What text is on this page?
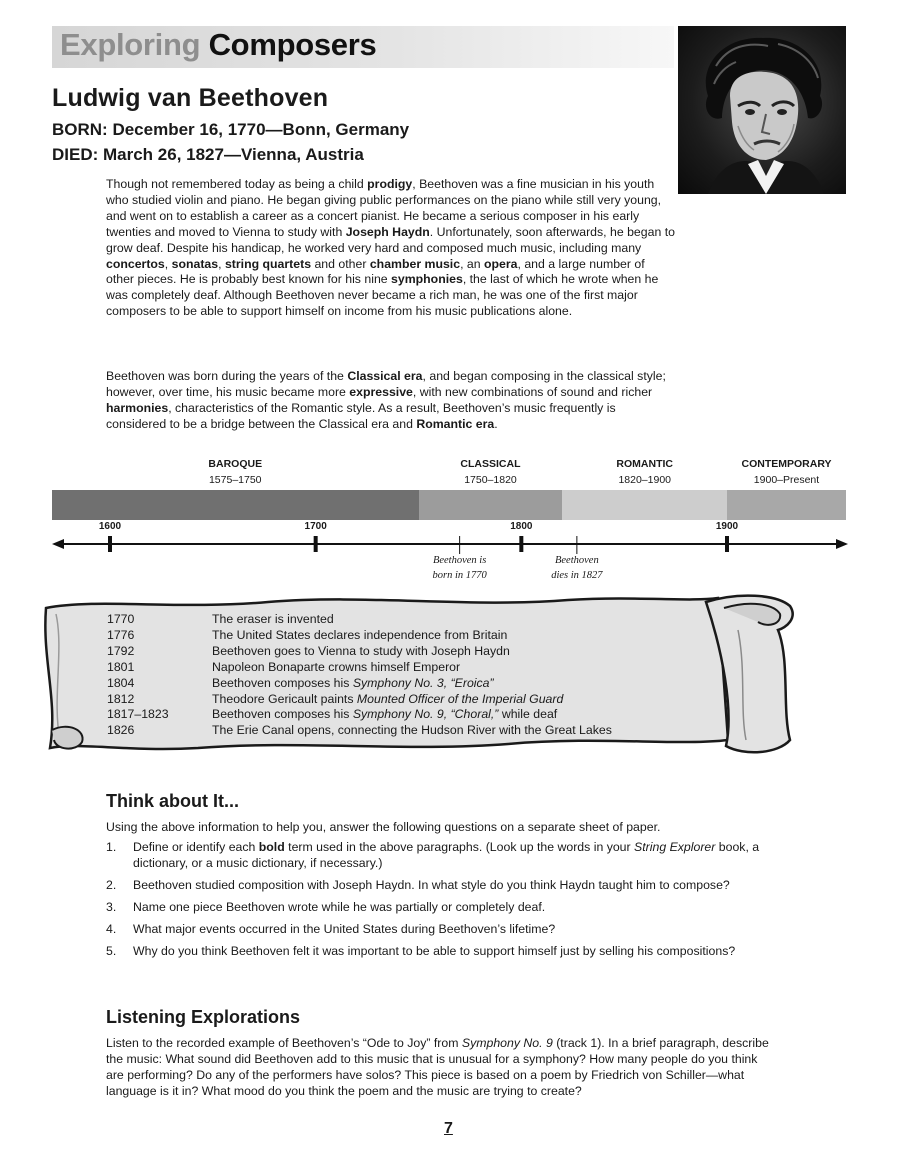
Exploring Composers
Ludwig van Beethoven
BORN: December 16, 1770—Bonn, Germany
DIED: March 26, 1827—Vienna, Austria
Though not remembered today as being a child prodigy, Beethoven was a fine musician in his youth who studied violin and piano. He began giving public performances on the piano while still very young, and went on to establish a career as a concert pianist. He became a serious composer in his early twenties and moved to Vienna to study with Joseph Haydn. Unfortunately, soon afterwards, he began to grow deaf. Despite his handicap, he worked very hard and composed much music, including many concertos, sonatas, string quartets and other chamber music, an opera, and a large number of other pieces. He is probably best known for his nine symphonies, the last of which he wrote when he was completely deaf. Although Beethoven never became a rich man, he was one of the first major composers to be able to support himself on income from his music publications alone.
Beethoven was born during the years of the Classical era, and began composing in the classical style; however, over time, his music became more expressive, with new combinations of sound and richer harmonies, characteristics of the Romantic style. As a result, Beethoven’s music frequently is considered to be a bridge between the Classical era and Romantic era.
BAROQUE
1575–1750
CLASSICAL
1750–1820
ROMANTIC
1820–1900
CONTEMPORARY
1900–Present
1600	1700	1800	1900
Beethoven is
born in 1770
Beethoven
dies in 1827
1770	The eraser is invented
1776	The United States declares independence from Britain
1792	Beethoven goes to Vienna to study with Joseph Haydn
1801	Napoleon Bonaparte crowns himself Emperor
1804	Beethoven composes his Symphony No. 3, “Eroica”
1812	Theodore Gericault paints Mounted Officer of the Imperial Guard
1817–1823	Beethoven composes his Symphony No. 9, “Choral,” while deaf
1826	The Erie Canal opens, connecting the Hudson River with the Great Lakes
Think about It...
Using the above information to help you, answer the following questions on a separate sheet of paper.
1.	Define or identify each bold term used in the above paragraphs. (Look up the words in your String Explorer book, a dictionary, or a music dictionary, if necessary.)
2.	Beethoven studied composition with Joseph Haydn. In what style do you think Haydn taught him to compose?
3.	Name one piece Beethoven wrote while he was partially or completely deaf.
4.	What major events occurred in the United States during Beethoven’s lifetime?
5.	Why do you think Beethoven felt it was important to be able to support himself just by selling his compositions?
Listening Explorations
Listen to the recorded example of Beethoven’s “Ode to Joy” from Symphony No. 9 (track 1). In a brief paragraph, describe the music: What sound did Beethoven add to this music that is unusual for a symphony? How many people do you think are performing? Do any of the performers have solos? This piece is based on a poem by Friedrich von Schiller—what language is it in? What mood do you think the poem and the music are trying to create?
7
